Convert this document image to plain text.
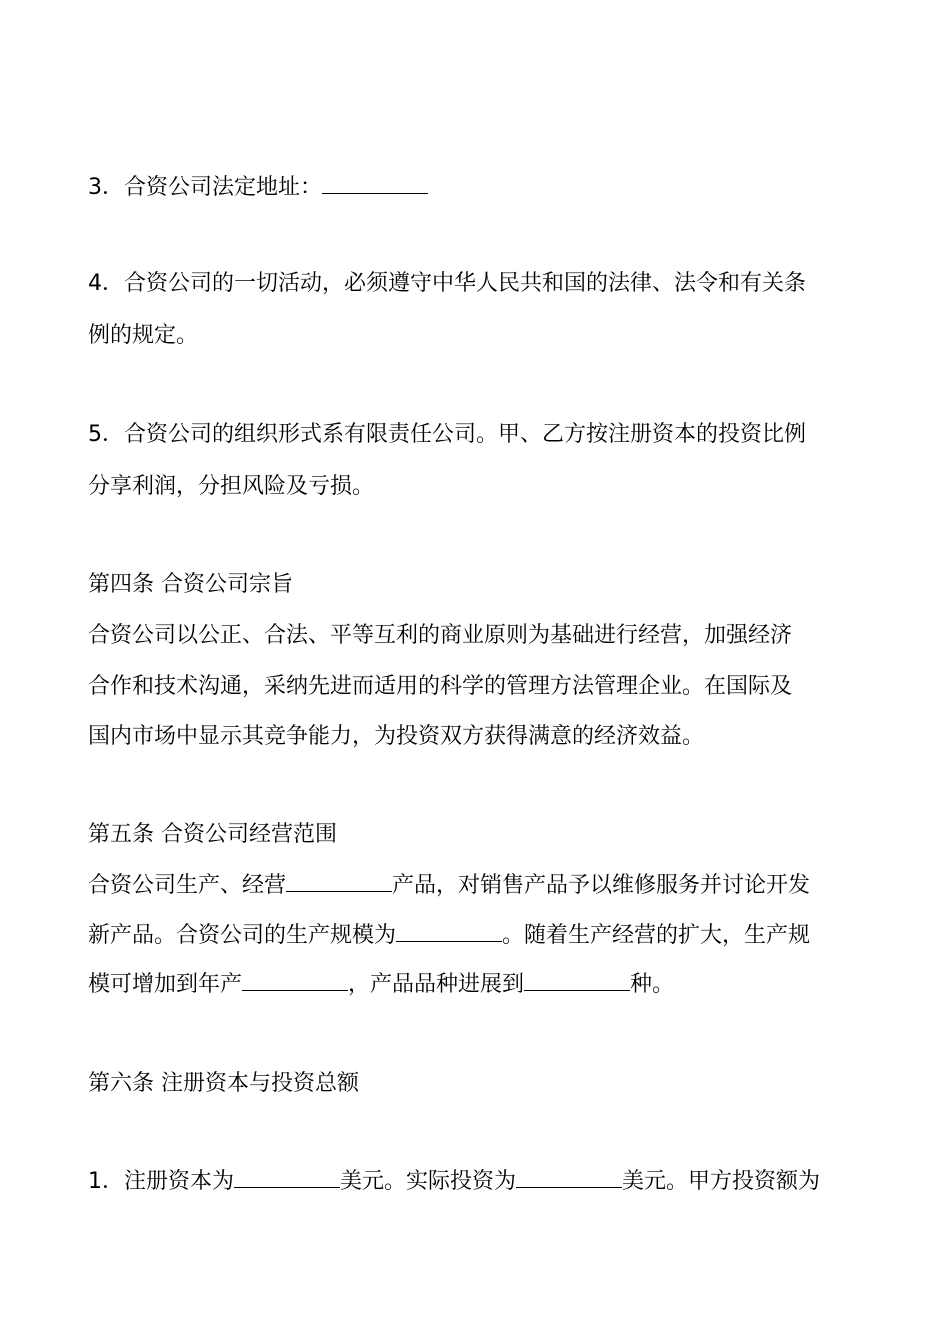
3．合资公司法定地址：
4．合资公司的一切活动，必须遵守中华人民共和国的法律、法令和有关条
例的规定。
5．合资公司的组织形式系有限责任公司。甲、乙方按注册资本的投资比例
分享利润，分担风险及亏损。
第四条 合资公司宗旨
合资公司以公正、合法、平等互利的商业原则为基础进行经营，加强经济
合作和技术沟通，采纳先进而适用的科学的管理方法管理企业。在国际及
国内市场中显示其竞争能力，为投资双方获得满意的经济效益。
第五条 合资公司经营范围
合资公司生产、经营	产品，对销售产品予以维修服务并讨论开发
新产品。合资公司的生产规模为	。随着生产经营的扩大，生产规
模可增加到年产	，产品品种进展到	种。
第六条 注册资本与投资总额
1．注册资本为	美元。实际投资为	美元。甲方投资额为
